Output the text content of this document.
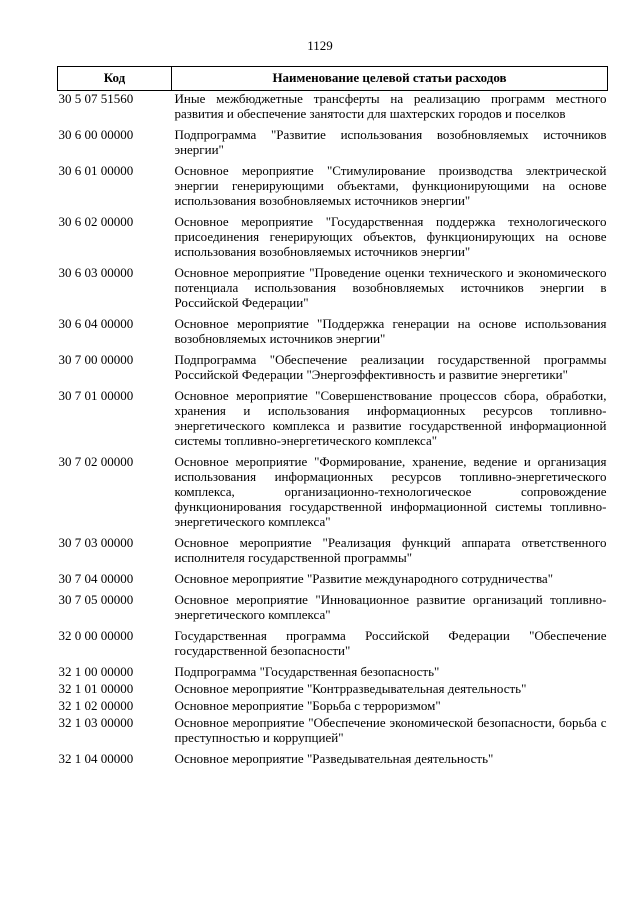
1129
Код	Наименование целевой статьи расходов
30 5 07 51560	Иные межбюджетные трансферты на реализацию программ местного развития и обеспечение занятости для шахтерских городов и поселков
30 6 00 00000	Подпрограмма "Развитие использования возобновляемых источников энергии"
30 6 01 00000	Основное мероприятие "Стимулирование производства электрической энергии генерирующими объектами, функционирующими на основе использования возобновляемых источников энергии"
30 6 02 00000	Основное мероприятие "Государственная поддержка технологического присоединения генерирующих объектов, функционирующих на основе использования возобновляемых источников энергии"
30 6 03 00000	Основное мероприятие "Проведение оценки технического и экономического потенциала использования возобновляемых источников энергии в Российской Федерации"
30 6 04 00000	Основное мероприятие "Поддержка генерации на основе использования возобновляемых источников энергии"
30 7 00 00000	Подпрограмма "Обеспечение реализации государственной программы Российской Федерации "Энергоэффективность и развитие энергетики"
30 7 01 00000	Основное мероприятие "Совершенствование процессов сбора, обработки, хранения и использования информационных ресурсов топливно-энергетического комплекса и развитие государственной информационной системы топливно-энергетического комплекса"
30 7 02 00000	Основное мероприятие "Формирование, хранение, ведение и организация использования информационных ресурсов топливно-энергетического комплекса, организационно-технологическое сопровождение функционирования государственной информационной системы топливно-энергетического комплекса"
30 7 03 00000	Основное мероприятие "Реализация функций аппарата ответственного исполнителя государственной программы"
30 7 04 00000	Основное мероприятие "Развитие международного сотрудничества"
30 7 05 00000	Основное мероприятие "Инновационное развитие организаций топливно-энергетического комплекса"
32 0 00 00000	Государственная программа Российской Федерации "Обеспечение государственной безопасности"
32 1 00 00000	Подпрограмма "Государственная безопасность"
32 1 01 00000	Основное мероприятие "Контрразведывательная деятельность"
32 1 02 00000	Основное мероприятие "Борьба с терроризмом"
32 1 03 00000	Основное мероприятие "Обеспечение экономической безопасности, борьба с преступностью и коррупцией"
32 1 04 00000	Основное мероприятие "Разведывательная деятельность"
